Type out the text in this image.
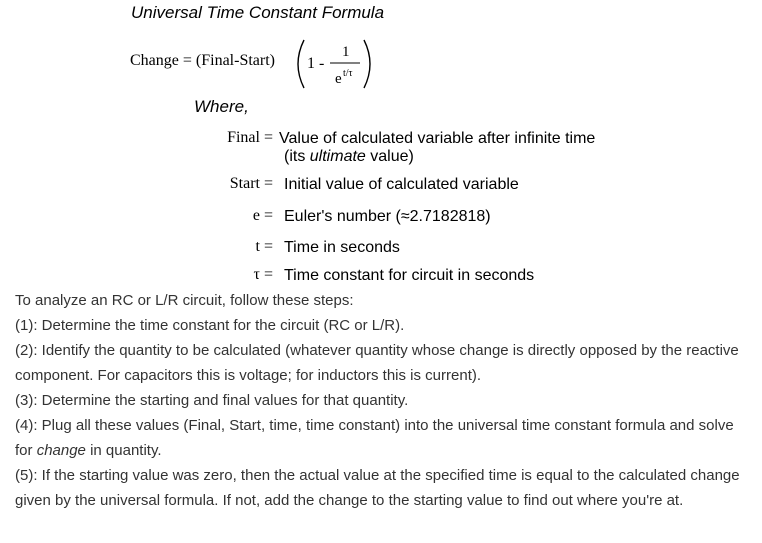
Universal Time Constant Formula
Change = (Final-Start) 1 -
1
e t/τ
Where,
Final = Value of calculated variable after infinite time
(its ultimate value)
Start = Initial value of calculated variable
e = Euler's number (≈2.7182818)
t = Time in seconds
τ = Time constant for circuit in seconds

To analyze an RC or L/R circuit, follow these steps:

(1): Determine the time constant for the circuit (RC or L/R).

(2): Identify the quantity to be calculated (whatever quantity whose change is directly opposed by the reactive component. For capacitors this is voltage; for inductors this is current).

(3): Determine the starting and final values for that quantity.

(4): Plug all these values (Final, Start, time, time constant) into the universal time constant formula and solve for change in quantity.

(5): If the starting value was zero, then the actual value at the specified time is equal to the calculated change given by the universal formula. If not, add the change to the starting value to find out where you're at.
